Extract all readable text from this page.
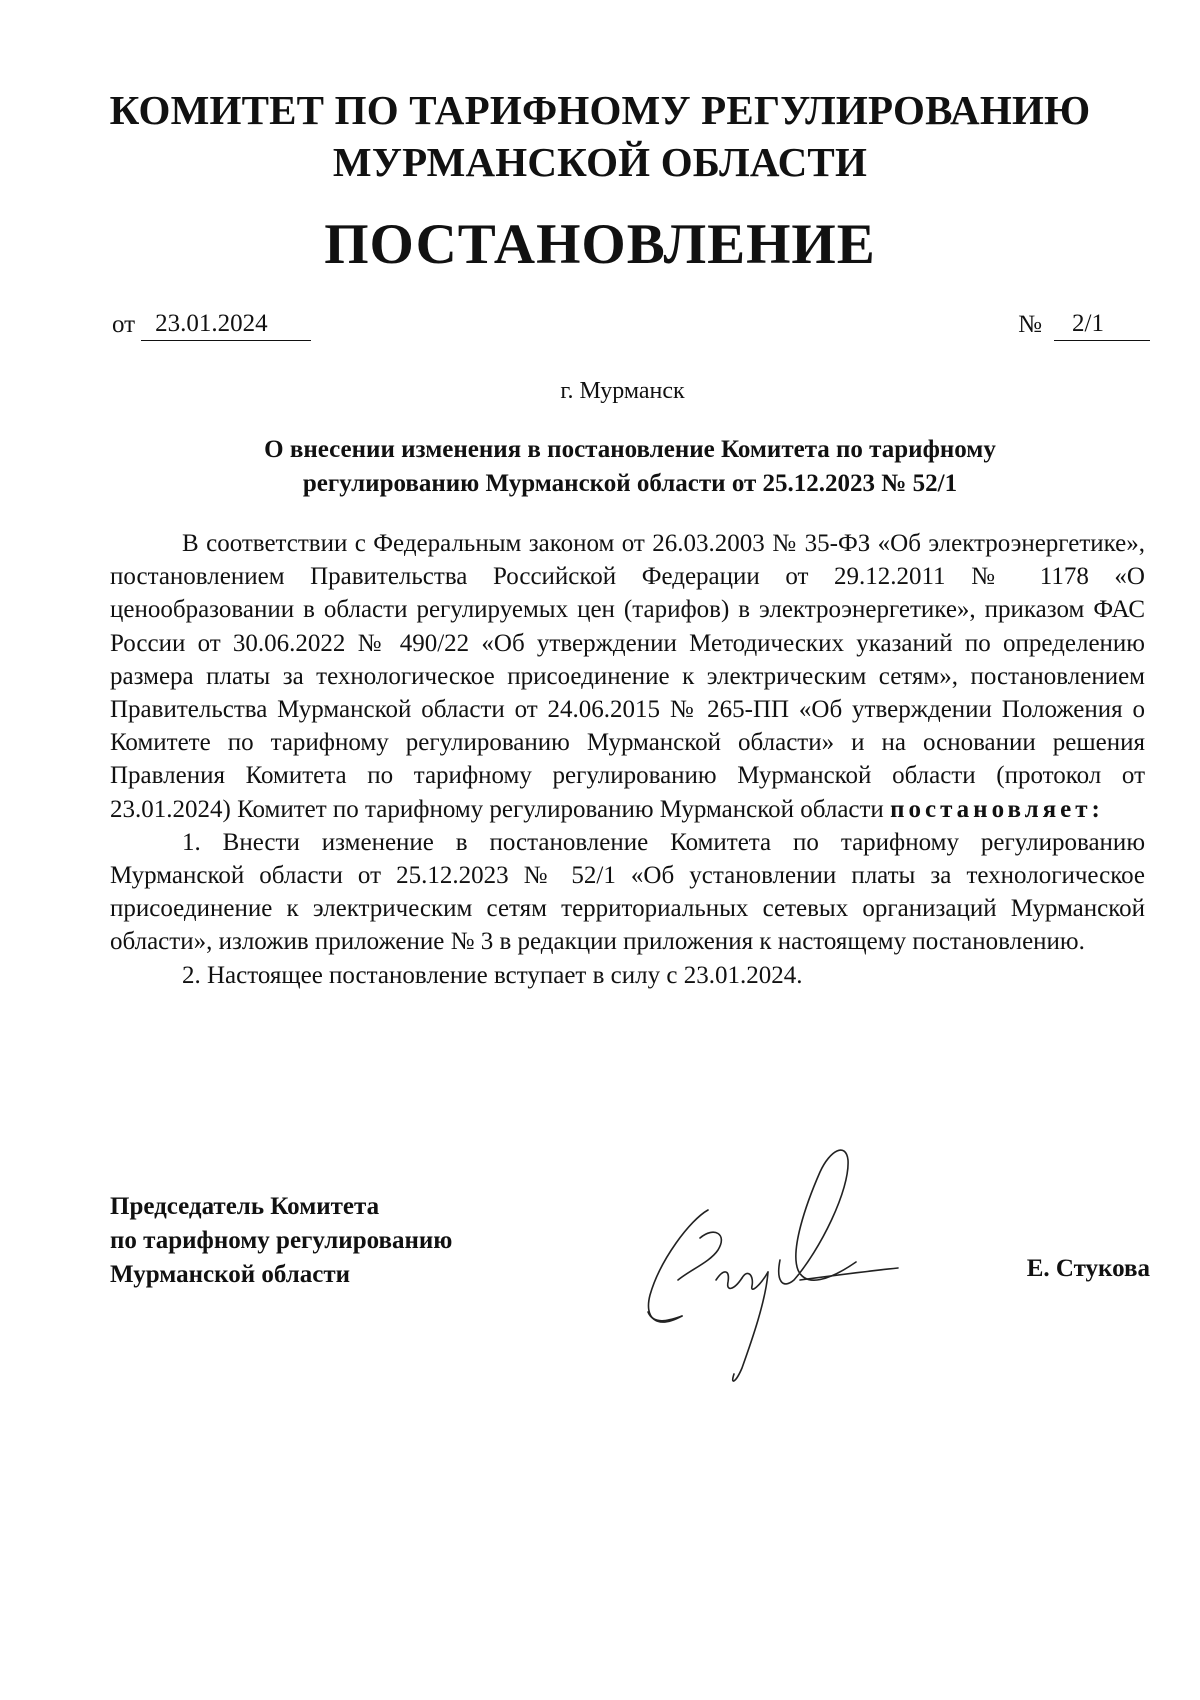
КОМИТЕТ ПО ТАРИФНОМУ РЕГУЛИРОВАНИЮ
МУРМАНСКОЙ ОБЛАСТИ
ПОСТАНОВЛЕНИЕ
от 23.01.2024	№	2/1
г. Мурманск
О внесении изменения в постановление Комитета по тарифному
регулированию Мурманской области от 25.12.2023 № 52/1

В соответствии с Федеральным законом от 26.03.2003 № 35-ФЗ «Об электроэнергетике», постановлением Правительства Российской Федерации от 29.12.2011 № 1178 «О ценообразовании в области регулируемых цен (тарифов) в электроэнергетике», приказом ФАС России от 30.06.2022 № 490/22 «Об утверждении Методических указаний по определению размера платы за технологическое присоединение к электрическим сетям», постановлением Правительства Мурманской области от 24.06.2015 № 265-ПП «Об утверждении Положения о Комитете по тарифному регулированию Мурманской области» и на основании решения Правления Комитета по тарифному регулированию Мурманской области (протокол от 23.01.2024) Комитет по тарифному регулированию Мурманской области постановляет:

1. Внести изменение в постановление Комитета по тарифному регулированию Мурманской области от 25.12.2023 № 52/1 «Об установлении платы за технологическое присоединение к электрическим сетям территориальных сетевых организаций Мурманской области», изложив приложение № 3 в редакции приложения к настоящему постановлению.

2. Настоящее постановление вступает в силу с 23.01.2024.

Председатель Комитета
по тарифному регулированию
Мурманской области	Е. Стукова
